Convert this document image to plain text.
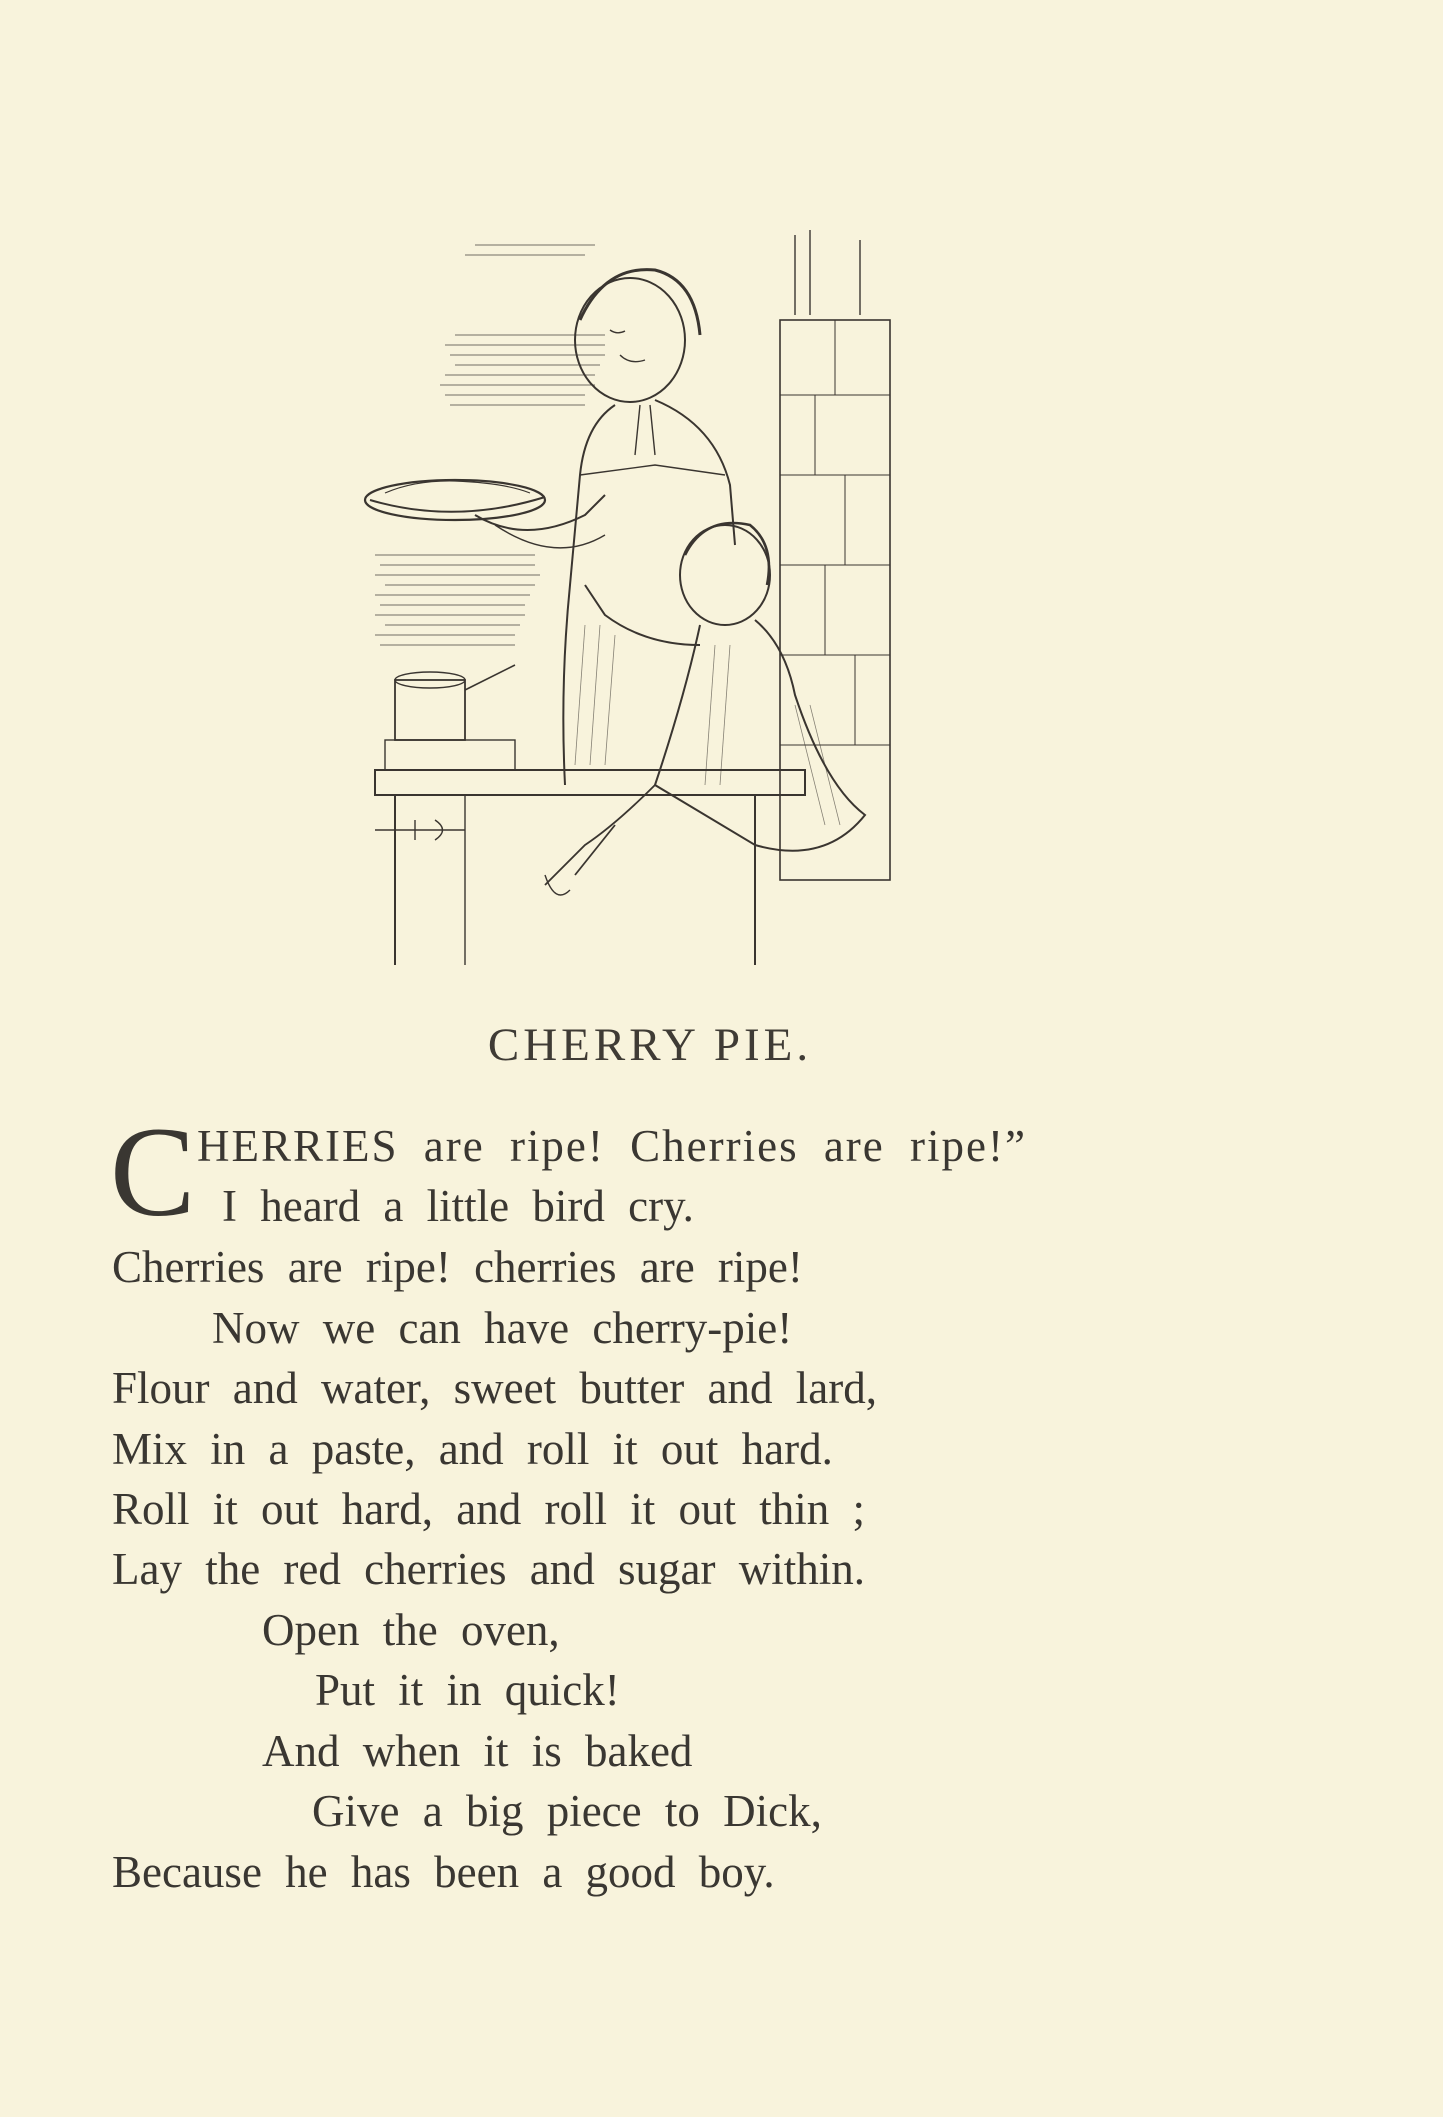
CHERRY PIE.
C HERRIES are ripe! Cherries are ripe!”
I heard a little bird cry.
Cherries are ripe! cherries are ripe!
Now we can have cherry-pie!
Flour and water, sweet butter and lard,
Mix in a paste, and roll it out hard.
Roll it out hard, and roll it out thin ;
Lay the red cherries and sugar within.
Open the oven,
Put it in quick!
And when it is baked
Give a big piece to Dick,
Because he has been a good boy.
